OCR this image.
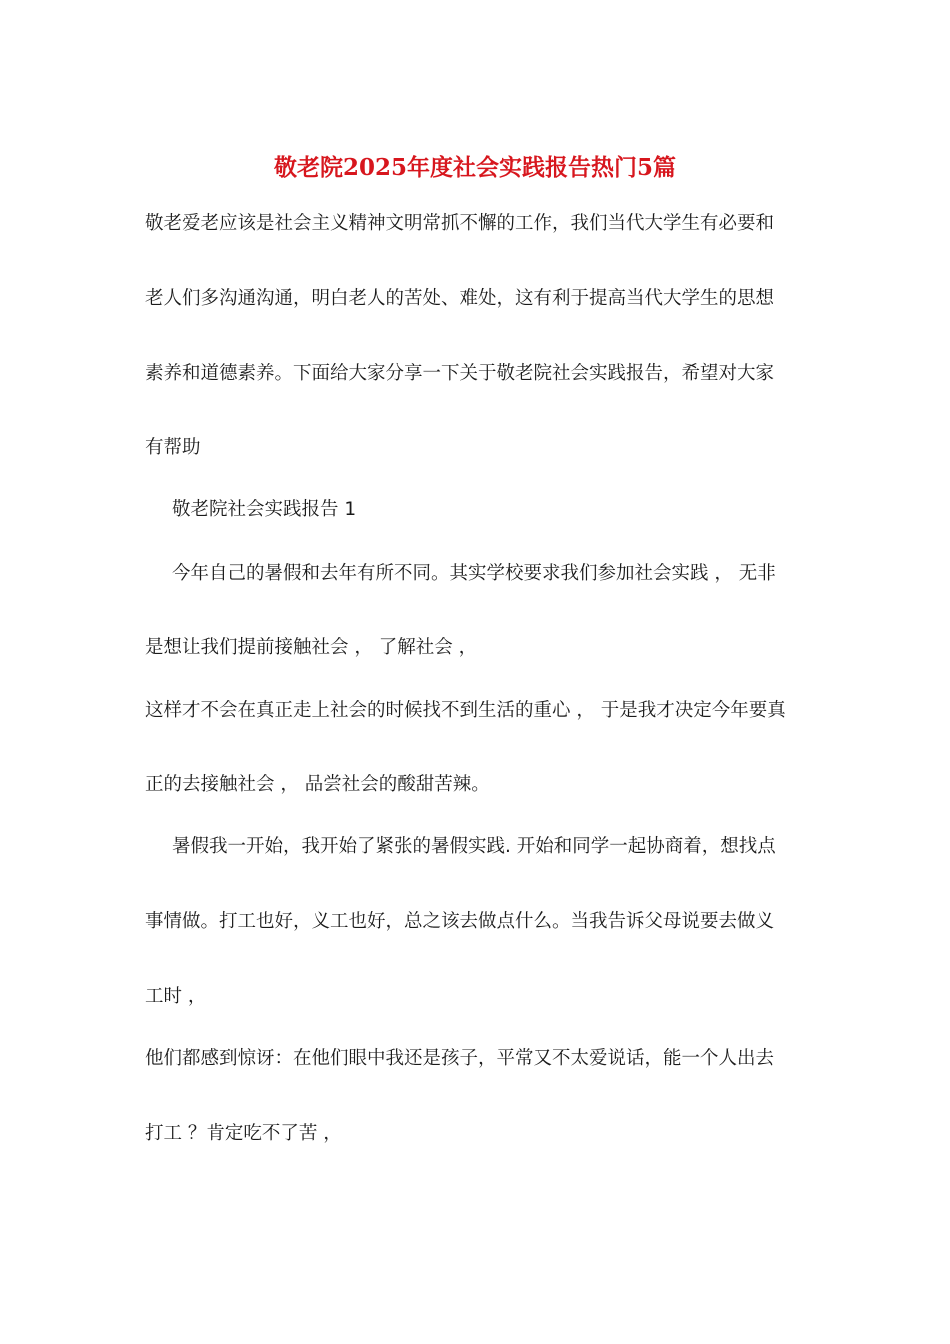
敬老院2025年度社会实践报告热门5篇
敬老爱老应该是社会主义精神文明常抓不懈的工作，我们当代大学生有必要和
老人们多沟通沟通，明白老人的苦处、难处，这有利于提高当代大学生的思想
素养和道德素养。下面给大家分享一下关于敬老院社会实践报告，希望对大家
有帮助
敬老院社会实践报告 1
今年自己的暑假和去年有所不同。其实学校要求我们参加社会实践 ， 无非
是想让我们提前接触社会 ， 了解社会 ，
这样才不会在真正走上社会的时候找不到生活的重心 ， 于是我才决定今年要真
正的去接触社会 ， 品尝社会的酸甜苦辣。
暑假我一开始，我开始了紧张的暑假实践. 开始和同学一起协商着，想找点
事情做。打工也好，义工也好，总之该去做点什么。当我告诉父母说要去做义
工时 ，
他们都感到惊讶：在他们眼中我还是孩子，平常又不太爱说话，能一个人出去
打工 ？肯定吃不了苦 ，
